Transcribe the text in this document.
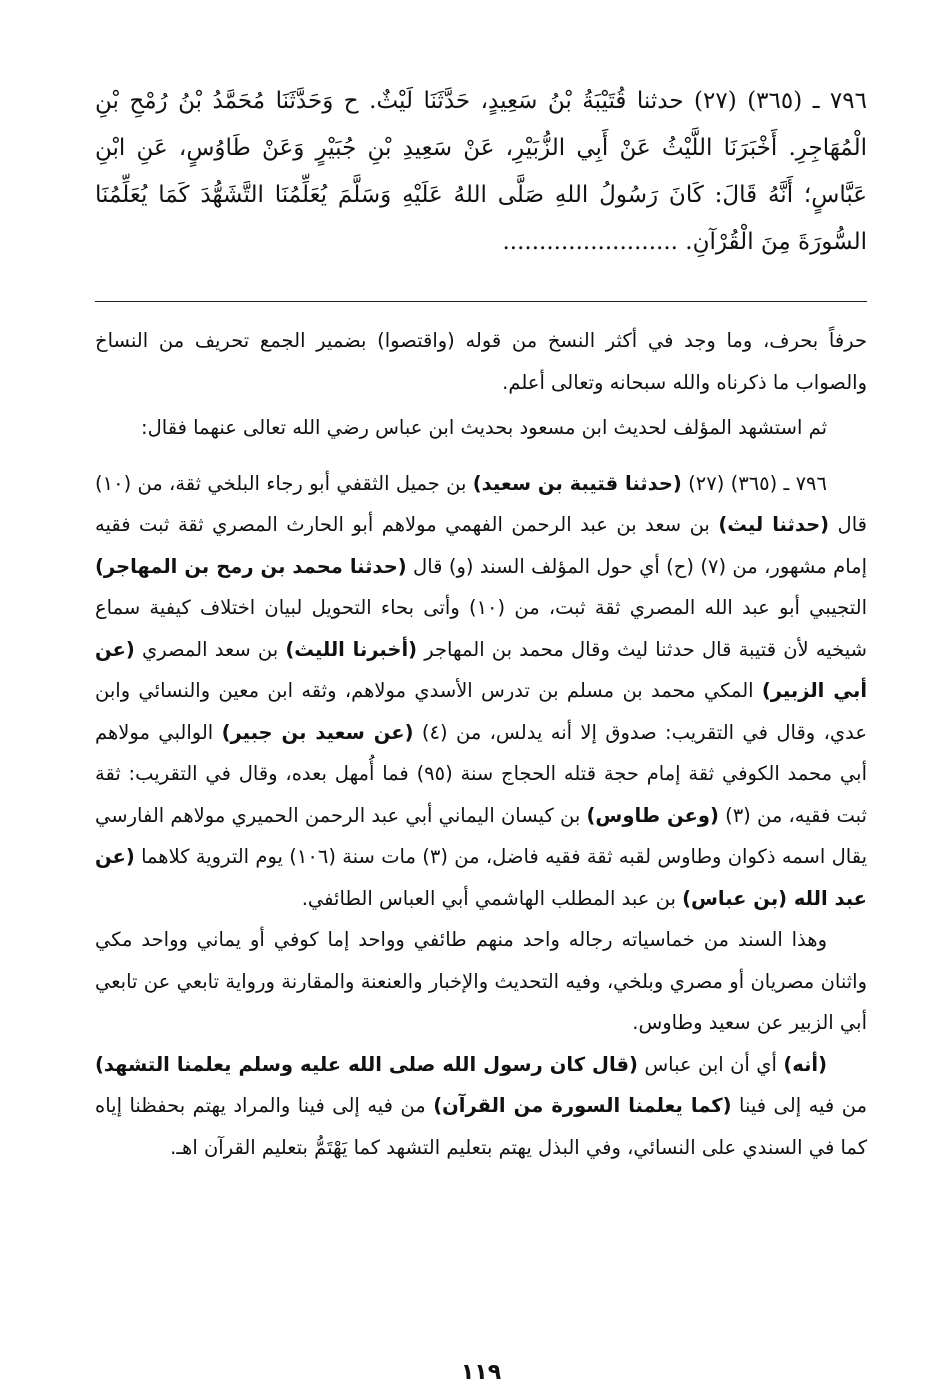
٧٩٦ ـ (٣٦٥) (٢٧) حدثنا قُتَيْبَةُ بْنُ سَعِيدٍ، حَدَّثَنَا لَيْثٌ. ح وَحَدَّثَنَا مُحَمَّدُ بْنُ رُمْحِ بْنِ الْمُهَاجِرِ. أَخْبَرَنَا اللَّيْثُ عَنْ أَبِي الزُّبَيْرِ، عَنْ سَعِيدِ بْنِ جُبَيْرٍ وَعَنْ طَاوُسٍ، عَنِ ابْنِ عَبَّاسٍ؛ أَنَّهُ قَالَ: كَانَ رَسُولُ اللهِ صَلَّى اللهُ عَلَيْهِ وَسَلَّمَ يُعَلِّمُنَا التَّشَهُّدَ كَمَا يُعَلِّمُنَا السُّورَةَ مِنَ الْقُرْآنِ. ........................

حرفاً بحرف، وما وجد في أكثر النسخ من قوله (واقتصوا) بضمير الجمع تحريف من النساخ والصواب ما ذكرناه والله سبحانه وتعالى أعلم.

ثم استشهد المؤلف لحديث ابن مسعود بحديث ابن عباس رضي الله تعالى عنهما فقال:

٧٩٦ ـ (٣٦٥) (٢٧) (حدثنا قتيبة بن سعيد) بن جميل الثقفي أبو رجاء البلخي ثقة، من (١٠) قال (حدثنا ليث) بن سعد بن عبد الرحمن الفهمي مولاهم أبو الحارث المصري ثقة ثبت فقيه إمام مشهور، من (٧) (ح) أي حول المؤلف السند (و) قال (حدثنا محمد بن رمح بن المهاجر) التجيبي أبو عبد الله المصري ثقة ثبت، من (١٠) وأتى بحاء التحويل لبيان اختلاف كيفية سماع شيخيه لأن قتيبة قال حدثنا ليث وقال محمد بن المهاجر (أخبرنا الليث) بن سعد المصري (عن أبي الزبير) المكي محمد بن مسلم بن تدرس الأسدي مولاهم، وثقه ابن معين والنسائي وابن عدي، وقال في التقريب: صدوق إلا أنه يدلس، من (٤) (عن سعيد بن جبير) الوالبي مولاهم أبي محمد الكوفي ثقة إمام حجة قتله الحجاج سنة (٩٥) فما أُمهل بعده، وقال في التقريب: ثقة ثبت فقيه، من (٣) (وعن طاوس) بن كيسان اليماني أبي عبد الرحمن الحميري مولاهم الفارسي يقال اسمه ذكوان وطاوس لقبه ثقة فقيه فاضل، من (٣) مات سنة (١٠٦) يوم التروية كلاهما (عن عبد الله (بن عباس) بن عبد المطلب الهاشمي أبي العباس الطائفي.

وهذا السند من خماسياته رجاله واحد منهم طائفي وواحد إما كوفي أو يماني وواحد مكي واثنان مصريان أو مصري وبلخي، وفيه التحديث والإخبار والعنعنة والمقارنة ورواية تابعي عن تابعي أبي الزبير عن سعيد وطاوس.

(أنه) أي أن ابن عباس (قال كان رسول الله صلى الله عليه وسلم يعلمنا التشهد) من فيه إلى فينا (كما يعلمنا السورة من القرآن) من فيه إلى فينا والمراد يهتم بحفظنا إياه كما في السندي على النسائي، وفي البذل يهتم بتعليم التشهد كما يَهْتَمُّ بتعليم القرآن اهـ.

١١٩
